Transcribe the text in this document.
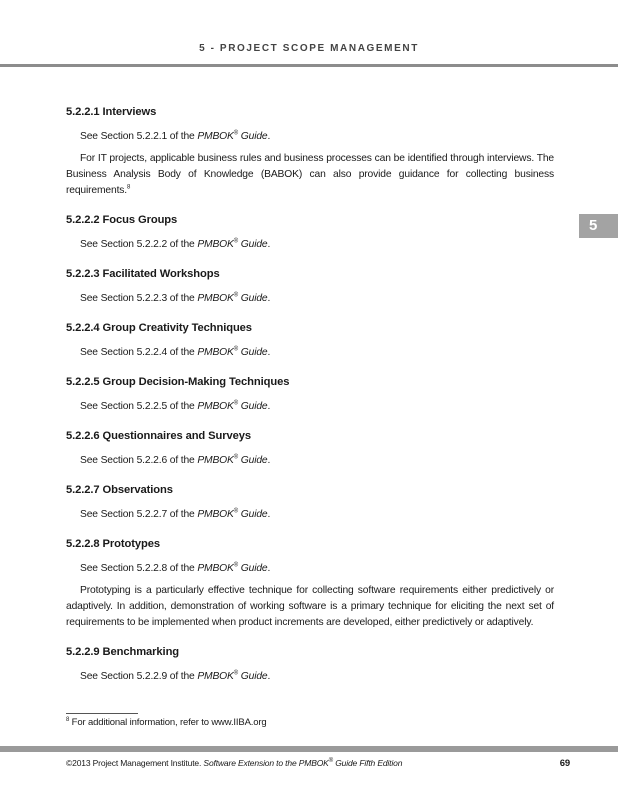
5 - PROJECT SCOPE MANAGEMENT
5
5.2.2.1 Interviews

See Section 5.2.2.1 of the PMBOK® Guide.

For IT projects, applicable business rules and business processes can be identified through interviews. The Business Analysis Body of Knowledge (BABOK) can also provide guidance for collecting business requirements.$^8$

5.2.2.2 Focus Groups

See Section 5.2.2.2 of the PMBOK® Guide.

5.2.2.3 Facilitated Workshops

See Section 5.2.2.3 of the PMBOK® Guide.

5.2.2.4 Group Creativity Techniques

See Section 5.2.2.4 of the PMBOK® Guide.

5.2.2.5 Group Decision-Making Techniques

See Section 5.2.2.5 of the PMBOK® Guide.

5.2.2.6 Questionnaires and Surveys

See Section 5.2.2.6 of the PMBOK® Guide.

5.2.2.7 Observations

See Section 5.2.2.7 of the PMBOK® Guide.

5.2.2.8 Prototypes

See Section 5.2.2.8 of the PMBOK® Guide.

Prototyping is a particularly effective technique for collecting software requirements either predictively or adaptively. In addition, demonstration of working software is a primary technique for eliciting the next set of requirements to be implemented when product increments are developed, either predictively or adaptively.

5.2.2.9 Benchmarking

See Section 5.2.2.9 of the PMBOK® Guide.

$^8$ For additional information, refer to www.IIBA.org
©2013 Project Management Institute. Software Extension to the PMBOK® Guide Fifth Edition	69
